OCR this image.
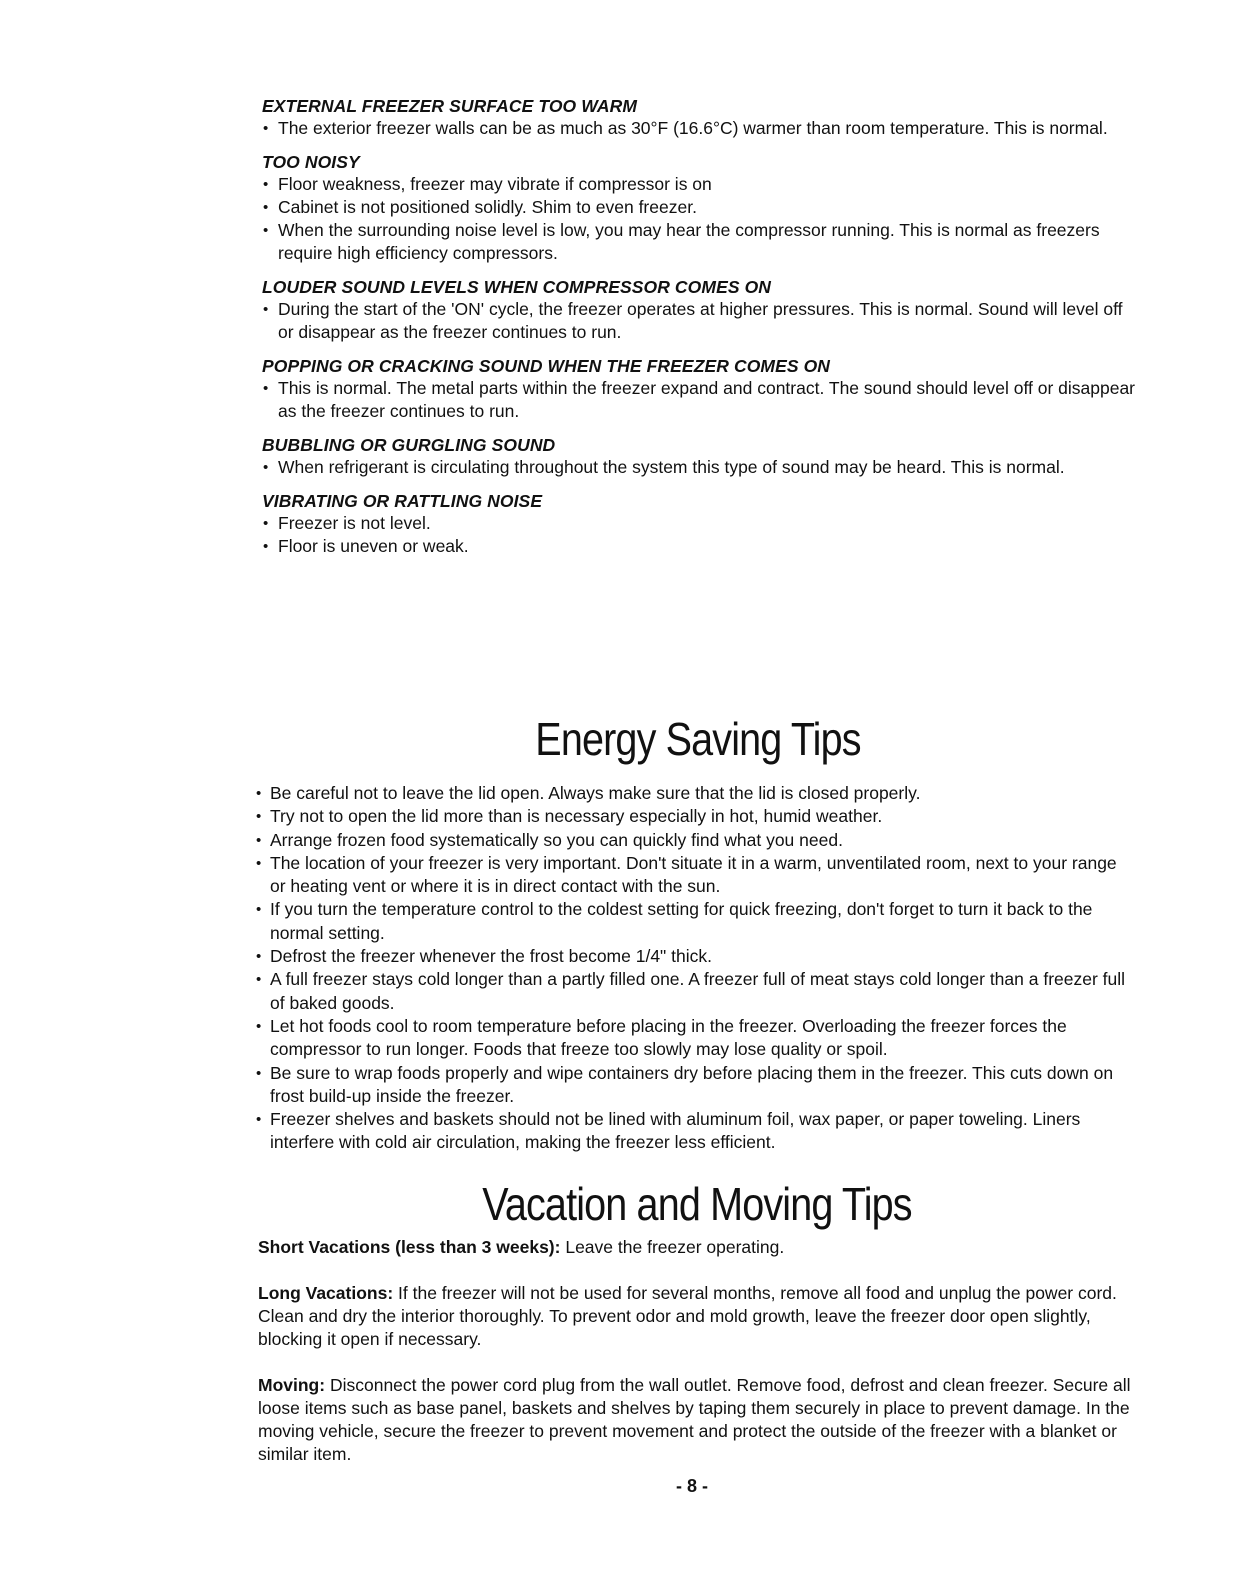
EXTERNAL FREEZER SURFACE TOO WARM

• The exterior freezer walls can be as much as 30°F (16.6°C) warmer than room temperature. This is normal.

TOO NOISY

• Floor weakness, freezer may vibrate if compressor is on
• Cabinet is not positioned solidly. Shim to even freezer.
• When the surrounding noise level is low, you may hear the compressor running. This is normal as freezers require high efficiency compressors.

LOUDER SOUND LEVELS WHEN COMPRESSOR COMES ON

• During the start of the 'ON' cycle, the freezer operates at higher pressures. This is normal. Sound will level off or disappear as the freezer continues to run.

POPPING OR CRACKING SOUND WHEN THE FREEZER COMES ON

• This is normal. The metal parts within the freezer expand and contract. The sound should level off or disappear as the freezer continues to run.

BUBBLING OR GURGLING SOUND

• When refrigerant is circulating throughout the system this type of sound may be heard. This is normal.

VIBRATING OR RATTLING NOISE

• Freezer is not level.
• Floor is uneven or weak.
Energy Saving Tips
• Be careful not to leave the lid open. Always make sure that the lid is closed properly.
• Try not to open the lid more than is necessary especially in hot, humid weather.
• Arrange frozen food systematically so you can quickly find what you need.
• The location of your freezer is very important. Don't situate it in a warm, unventilated room, next to your range or heating vent or where it is in direct contact with the sun.
• If you turn the temperature control to the coldest setting for quick freezing, don't forget to turn it back to the normal setting.
• Defrost the freezer whenever the frost become 1/4" thick.
• A full freezer stays cold longer than a partly filled one. A freezer full of meat stays cold longer than a freezer full of baked goods.
• Let hot foods cool to room temperature before placing in the freezer. Overloading the freezer forces the compressor to run longer. Foods that freeze too slowly may lose quality or spoil.
• Be sure to wrap foods properly and wipe containers dry before placing them in the freezer. This cuts down on frost build-up inside the freezer.
• Freezer shelves and baskets should not be lined with aluminum foil, wax paper, or paper toweling. Liners interfere with cold air circulation, making the freezer less efficient.
Vacation and Moving Tips

Short Vacations (less than 3 weeks): Leave the freezer operating.

Long Vacations: If the freezer will not be used for several months, remove all food and unplug the power cord. Clean and dry the interior thoroughly. To prevent odor and mold growth, leave the freezer door open slightly, blocking it open if necessary.

Moving: Disconnect the power cord plug from the wall outlet. Remove food, defrost and clean freezer. Secure all loose items such as base panel, baskets and shelves by taping them securely in place to prevent damage. In the moving vehicle, secure the freezer to prevent movement and protect the outside of the freezer with a blanket or similar item.

- 8 -
